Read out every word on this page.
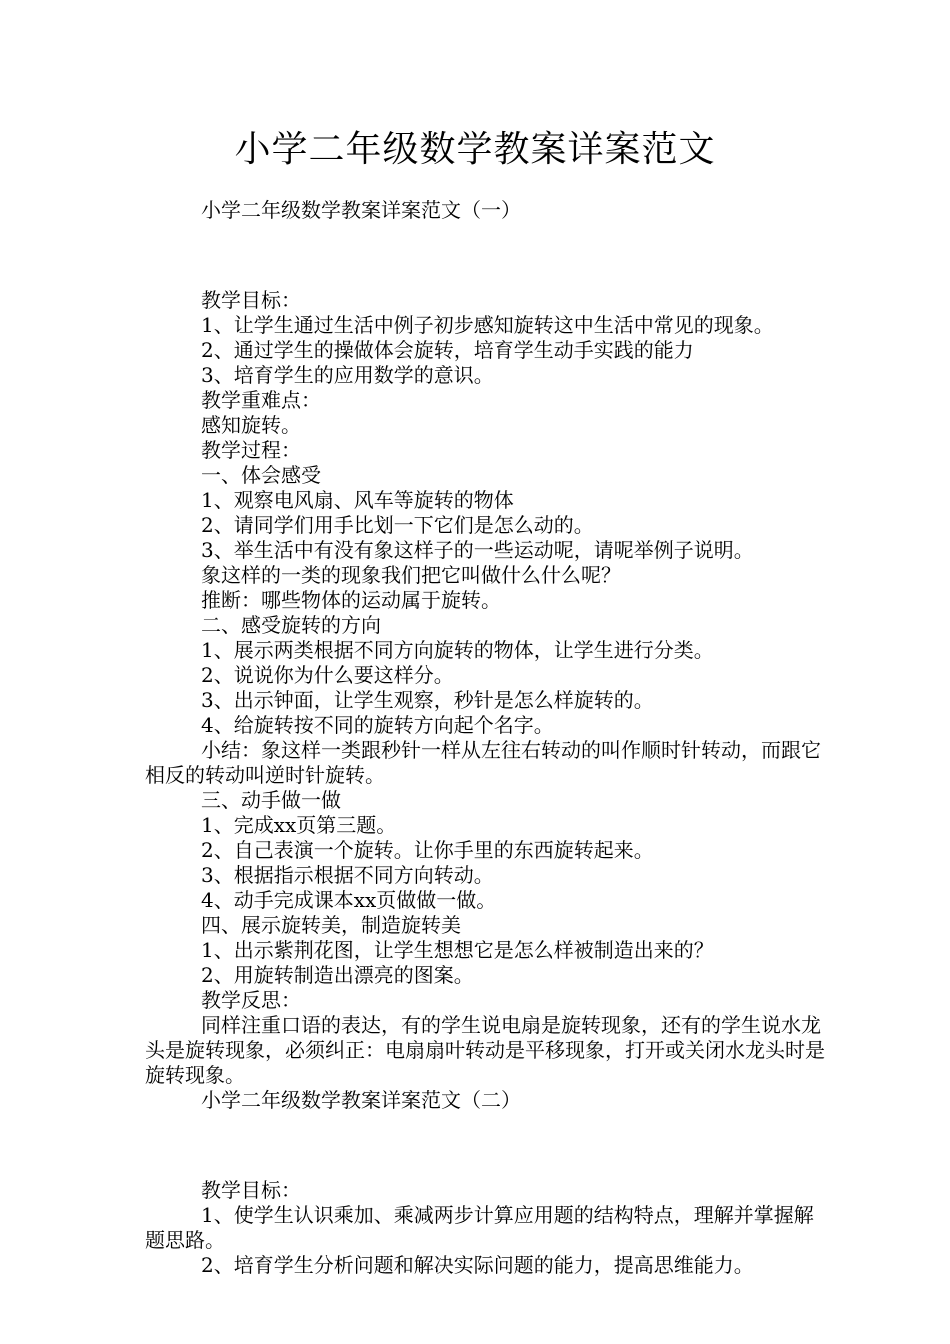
小学二年级数学教案详案范文

小学二年级数学教案详案范文（一）

教学目标：

1、让学生通过生活中例子初步感知旋转这中生活中常见的现象。

2、通过学生的操做体会旋转，培育学生动手实践的能力

3、培育学生的应用数学的意识。

教学重难点：

感知旋转。

教学过程：

一、体会感受

1、观察电风扇、风车等旋转的物体

2、请同学们用手比划一下它们是怎么动的。

3、举生活中有没有象这样子的一些运动呢，请呢举例子说明。

象这样的一类的现象我们把它叫做什么什么呢？

推断：哪些物体的运动属于旋转。

二、感受旋转的方向

1、展示两类根据不同方向旋转的物体，让学生进行分类。

2、说说你为什么要这样分。

3、出示钟面，让学生观察，秒针是怎么样旋转的。

4、给旋转按不同的旋转方向起个名字。

小结：象这样一类跟秒针一样从左往右转动的叫作顺时针转动，而跟它相反的转动叫逆时针旋转。

三、动手做一做

1、完成xx页第三题。

2、自己表演一个旋转。让你手里的东西旋转起来。

3、根据指示根据不同方向转动。

4、动手完成课本xx页做做一做。

四、展示旋转美，制造旋转美

1、出示紫荆花图，让学生想想它是怎么样被制造出来的？

2、用旋转制造出漂亮的图案。

教学反思：

同样注重口语的表达，有的学生说电扇是旋转现象，还有的学生说水龙头是旋转现象，必须纠正：电扇扇叶转动是平移现象，打开或关闭水龙头时是旋转现象。

小学二年级数学教案详案范文（二）

教学目标：

1、使学生认识乘加、乘减两步计算应用题的结构特点，理解并掌握解题思路。

2、培育学生分析问题和解决实际问题的能力，提高思维能力。
